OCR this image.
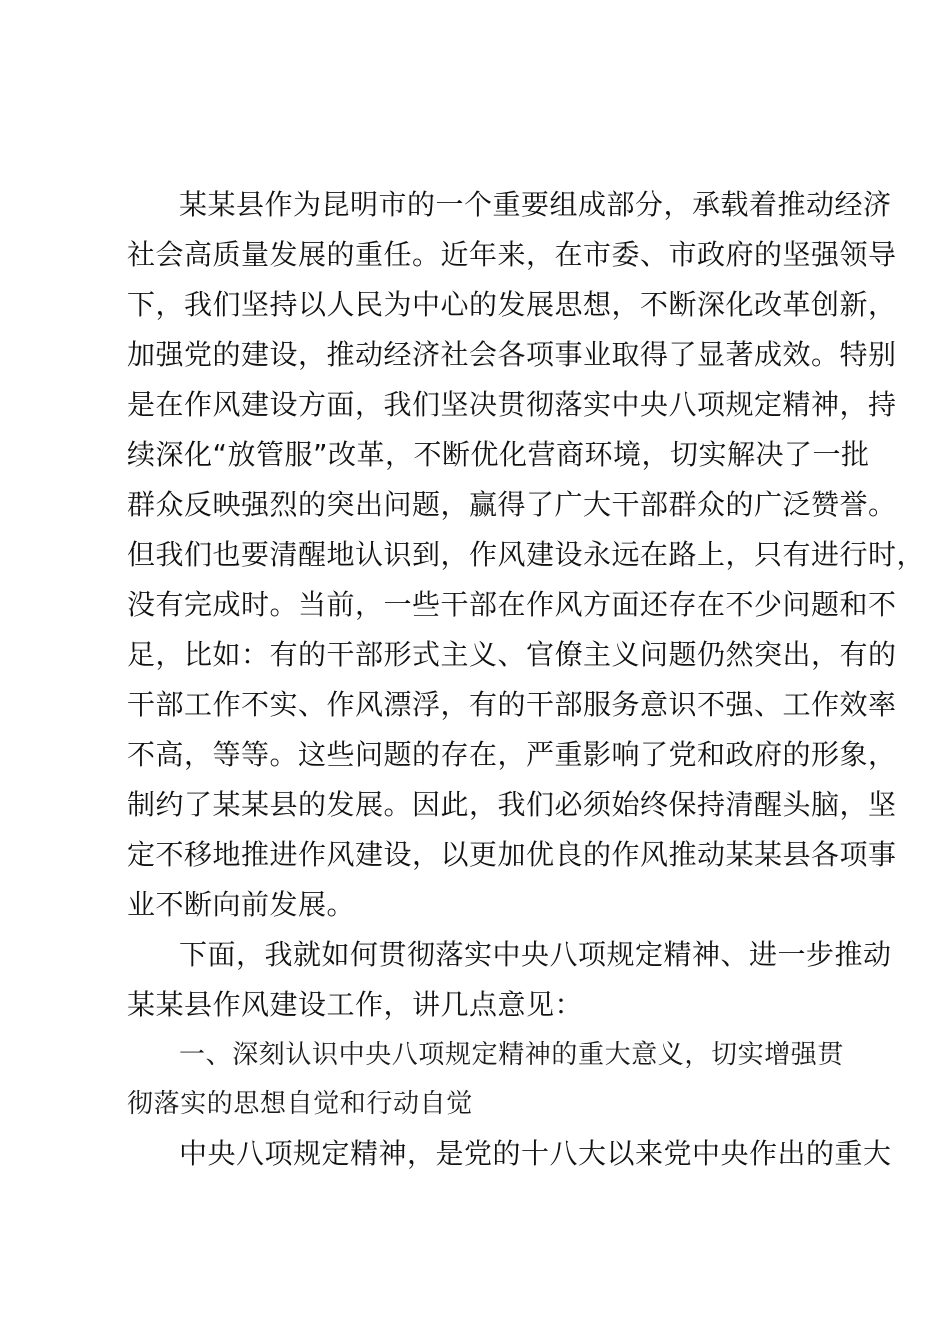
某某县作为昆明市的一个重要组成部分，承载着推动经济
社会高质量发展的重任。近年来，在市委、市政府的坚强领导
下，我们坚持以人民为中心的发展思想，不断深化改革创新，
加强党的建设，推动经济社会各项事业取得了显著成效。特别
是在作风建设方面，我们坚决贯彻落实中央八项规定精神，持
续深化“放管服”改革，不断优化营商环境，切实解决了一批
群众反映强烈的突出问题，赢得了广大干部群众的广泛赞誉。
但我们也要清醒地认识到，作风建设永远在路上，只有进行时，
没有完成时。当前，一些干部在作风方面还存在不少问题和不
足，比如：有的干部形式主义、官僚主义问题仍然突出，有的
干部工作不实、作风漂浮，有的干部服务意识不强、工作效率
不高，等等。这些问题的存在，严重影响了党和政府的形象，
制约了某某县的发展。因此，我们必须始终保持清醒头脑，坚
定不移地推进作风建设，以更加优良的作风推动某某县各项事
业不断向前发展。
下面，我就如何贯彻落实中央八项规定精神、进一步推动
某某县作风建设工作，讲几点意见：
一、深刻认识中央八项规定精神的重大意义，切实增强贯
彻落实的思想自觉和行动自觉
中央八项规定精神，是党的十八大以来党中央作出的重大
